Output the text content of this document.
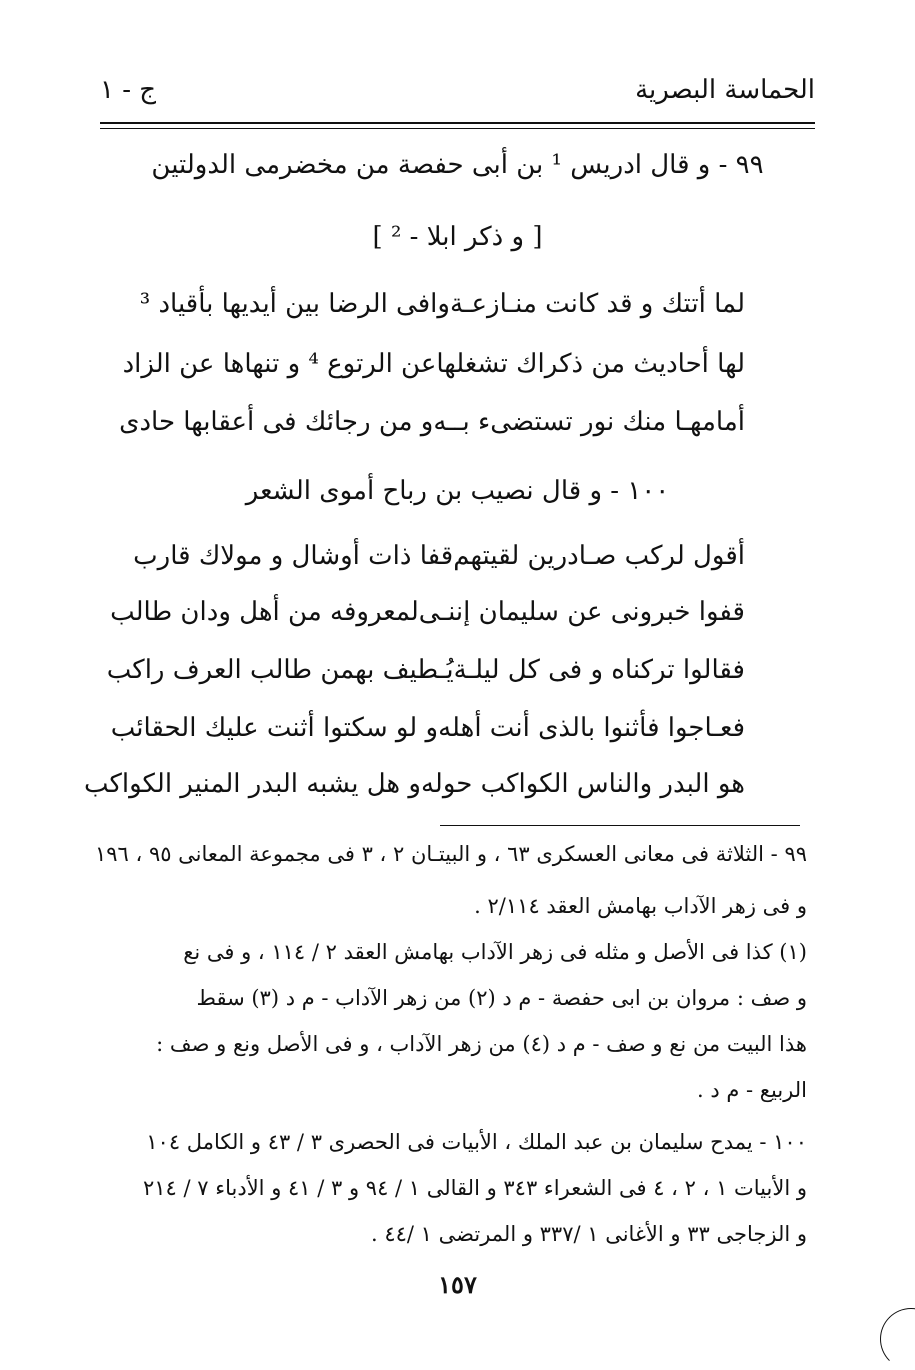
الحماسة البصرية
ج - ١
٩٩ - و قال ادريس ¹ بن أبى حفصة من مخضرمى الدولتين
[ و ذكر ابلا - ² ]
لما أتتك و قد كانت منـازعـة
وافى الرضا بين أيديها بأقياد ³
لها أحاديث من ذكراك تشغلها
عن الرتوع ⁴ و تنهاها عن الزاد
أمامهـا منك نور تستضىء بــه
و من رجائك فى أعقابها حادى
١٠٠ - و قال نصيب بن رباح أموى الشعر
أقول لركب صـادرين لقيتهم
قفا ذات أوشال و مولاك قارب
قفوا خبرونى عن سليمان إننـى
لمعروفه من أهل ودان طالب
فقالوا تركناه و فى كل ليلـة
يُـطيف بهمن طالب العرف راكب
فعـاجوا فأثنوا بالذى أنت أهله
و لو سكتوا أثنت عليك الحقائب
هو البدر والناس الكواكب حوله
و هل يشبه البدر المنير الكواكب
٩٩ - الثلاثة فى معانى العسكرى ٦٣ ، و البيتـان ٢ ، ٣ فى مجموعة المعانى ٩٥ ، ١٩٦
و فى زهر الآداب بهامش العقد ٢/١١٤ .
(١) كذا فى الأصل و مثله فى زهر الآداب بهامش العقد ٢ / ١١٤ ، و فى نع
و صف : مروان بن ابى حفصة - م د (٢) من زهر الآداب - م د (٣) سقط
هذا البيت من نع و صف - م د (٤) من زهر الآداب ، و فى الأصل ونع و صف :
الربيع - م د .
١٠٠ - يمدح سليمان بن عبد الملك ، الأبيات فى الحصرى ٣ / ٤٣ و الكامل ١٠٤
و الأبيات ١ ، ٢ ، ٤ فى الشعراء ٣٤٣ و القالى ١ / ٩٤ و ٣ / ٤١ و الأدباء ٧ / ٢١٤
و الزجاجى ٣٣ و الأغانى ١ /٣٣٧ و المرتضى ١ /٤٤ .
١٥٧
